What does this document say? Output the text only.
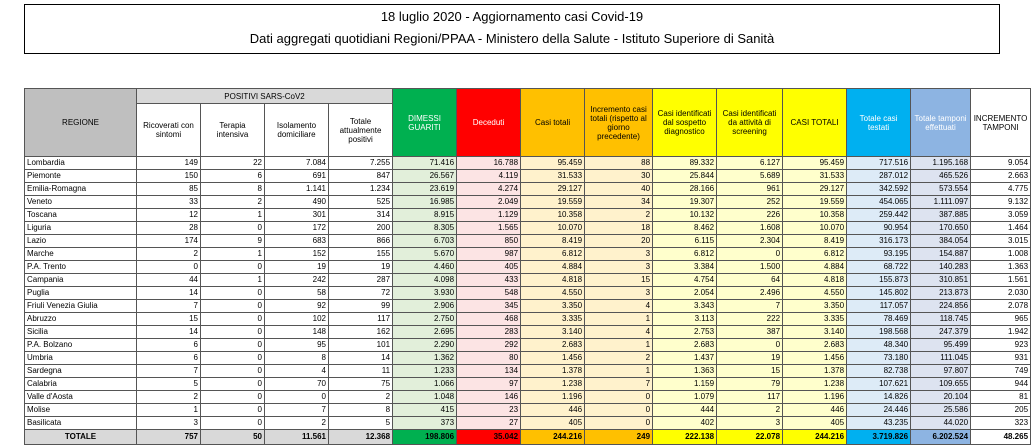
18 luglio 2020 - Aggiornamento casi Covid-19
Dati aggregati quotidiani Regioni/PPAA - Ministero della Salute - Istituto Superiore di Sanità
REGIONE	POSITIVI SARS-CoV2				DIMESSI GUARITI	Deceduti	Casi totali	Incremento casi totali (rispetto al giorno precedente)	Casi identificati dal sospetto diagnostico	Casi identificati da attività di screening	CASI TOTALI	Totale casi testati	Totale tamponi effettuati	INCREMENTO TAMPONI
	Ricoverati con sintomi	Terapia intensiva	Isolamento domiciliare	Totale attualmente positivi										
Lombardia	149	22	7.084	7.255	71.416	16.788	95.459	88	89.332	6.127	95.459	717.516	1.195.168	9.054
Piemonte	150	6	691	847	26.567	4.119	31.533	30	25.844	5.689	31.533	287.012	465.526	2.663
Emilia-Romagna	85	8	1.141	1.234	23.619	4.274	29.127	40	28.166	961	29.127	342.592	573.554	4.775
Veneto	33	2	490	525	16.985	2.049	19.559	34	19.307	252	19.559	454.065	1.111.097	9.132
Toscana	12	1	301	314	8.915	1.129	10.358	2	10.132	226	10.358	259.442	387.885	3.059
Liguria	28	0	172	200	8.305	1.565	10.070	18	8.462	1.608	10.070	90.954	170.650	1.464
Lazio	174	9	683	866	6.703	850	8.419	20	6.115	2.304	8.419	316.173	384.054	3.015
Marche	2	1	152	155	5.670	987	6.812	3	6.812	0	6.812	93.195	154.887	1.008
P.A. Trento	0	0	19	19	4.460	405	4.884	3	3.384	1.500	4.884	68.722	140.283	1.363
Campania	44	1	242	287	4.098	433	4.818	15	4.754	64	4.818	155.873	310.851	1.561
Puglia	14	0	58	72	3.930	548	4.550	3	2.054	2.496	4.550	145.802	213.873	2.030
Friuli Venezia Giulia	7	0	92	99	2.906	345	3.350	4	3.343	7	3.350	117.057	224.856	2.078
Abruzzo	15	0	102	117	2.750	468	3.335	1	3.113	222	3.335	78.469	118.745	965
Sicilia	14	0	148	162	2.695	283	3.140	4	2.753	387	3.140	198.568	247.379	1.942
P.A. Bolzano	6	0	95	101	2.290	292	2.683	1	2.683	0	2.683	48.340	95.499	923
Umbria	6	0	8	14	1.362	80	1.456	2	1.437	19	1.456	73.180	111.045	931
Sardegna	7	0	4	11	1.233	134	1.378	1	1.363	15	1.378	82.738	97.807	749
Calabria	5	0	70	75	1.066	97	1.238	7	1.159	79	1.238	107.621	109.655	944
Valle d'Aosta	2	0	0	2	1.048	146	1.196	0	1.079	117	1.196	14.826	20.104	81
Molise	1	0	7	8	415	23	446	0	444	2	446	24.446	25.586	205
Basilicata	3	0	2	5	373	27	405	0	402	3	405	43.235	44.020	323
TOTALE	757	50	11.561	12.368	198.806	35.042	244.216	249	222.138	22.078	244.216	3.719.826	6.202.524	48.265
